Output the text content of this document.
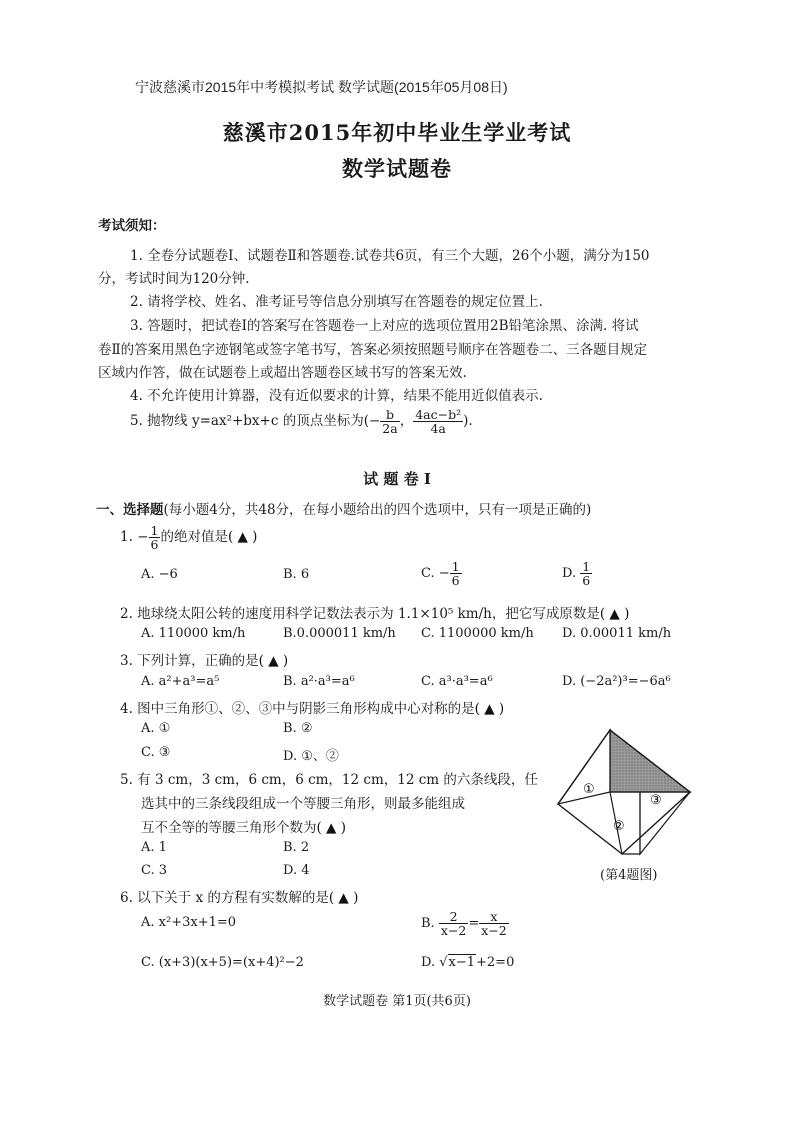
宁波慈溪市2015年中考模拟考试 数学试题(2015年05月08日)
慈溪市2015年初中毕业生学业考试
数学试题卷
考试须知：
1. 全卷分试题卷Ⅰ、试题卷Ⅱ和答题卷.试卷共6页，有三个大题，26个小题，满分为150
分，考试时间为120分钟.
2. 请将学校、姓名、准考证号等信息分别填写在答题卷的规定位置上.
3. 答题时，把试卷Ⅰ的答案写在答题卷一上对应的选项位置用2B铅笔涂黑、涂满. 将试
卷Ⅱ的答案用黑色字迹钢笔或签字笔书写，答案必须按照题号顺序在答题卷二、三各题目规定
区域内作答，做在试题卷上或超出答题卷区域书写的答案无效.
4. 不允许使用计算器，没有近似要求的计算，结果不能用近似值表示.
5. 抛物线 y=ax²+bx+c 的顶点坐标为(− $\frac{b}{2a}$ ， $\frac{\text{4ac−b²}}{4a}$ ).
试 题 卷 Ⅰ
一、选择题(每小题4分，共48分，在每小题给出的四个选项中，只有一项是正确的)
1. − $\frac{1}{6}$ 的绝对值是( ▲ )
A. −6	B. 6	C. − $\frac{1}{6}$	D. $\frac{1}{6}$
2. 地球绕太阳公转的速度用科学记数法表示为 1.1×10⁵ km/h，把它写成原数是( ▲ )
A. 110000 km/h	B.0.000011 km/h C. 1100000 km/h D. 0.00011 km/h
3. 下列计算，正确的是( ▲ )
A. a²+a³=a⁵	B. a²·a³=a⁶	C. a³·a³=a⁶	D. (−2a²)³=−6a⁶
4. 图中三角形①、②、③中与阴影三角形构成中心对称的是( ▲ )
A. ①	B. ②
C. ③	D. ①、②
5. 有 3 cm，3 cm，6 cm，6 cm，12 cm，12 cm 的六条线段，任
选其中的三条线段组成一个等腰三角形，则最多能组成
互不全等的等腰三角形个数为( ▲ )
A. 1	B. 2
C. 3	D. 4
①
②
③
(第4题图)
6. 以下关于 x 的方程有实数解的是( ▲ )
A. x²+3x+1=0	B. $\frac{2}{x-2} = \frac{x}{x-2}$
C. (x+3)(x+5)=(x+4)²−2	D. √x−1+2=0
数学试题卷 第1页(共6页)
